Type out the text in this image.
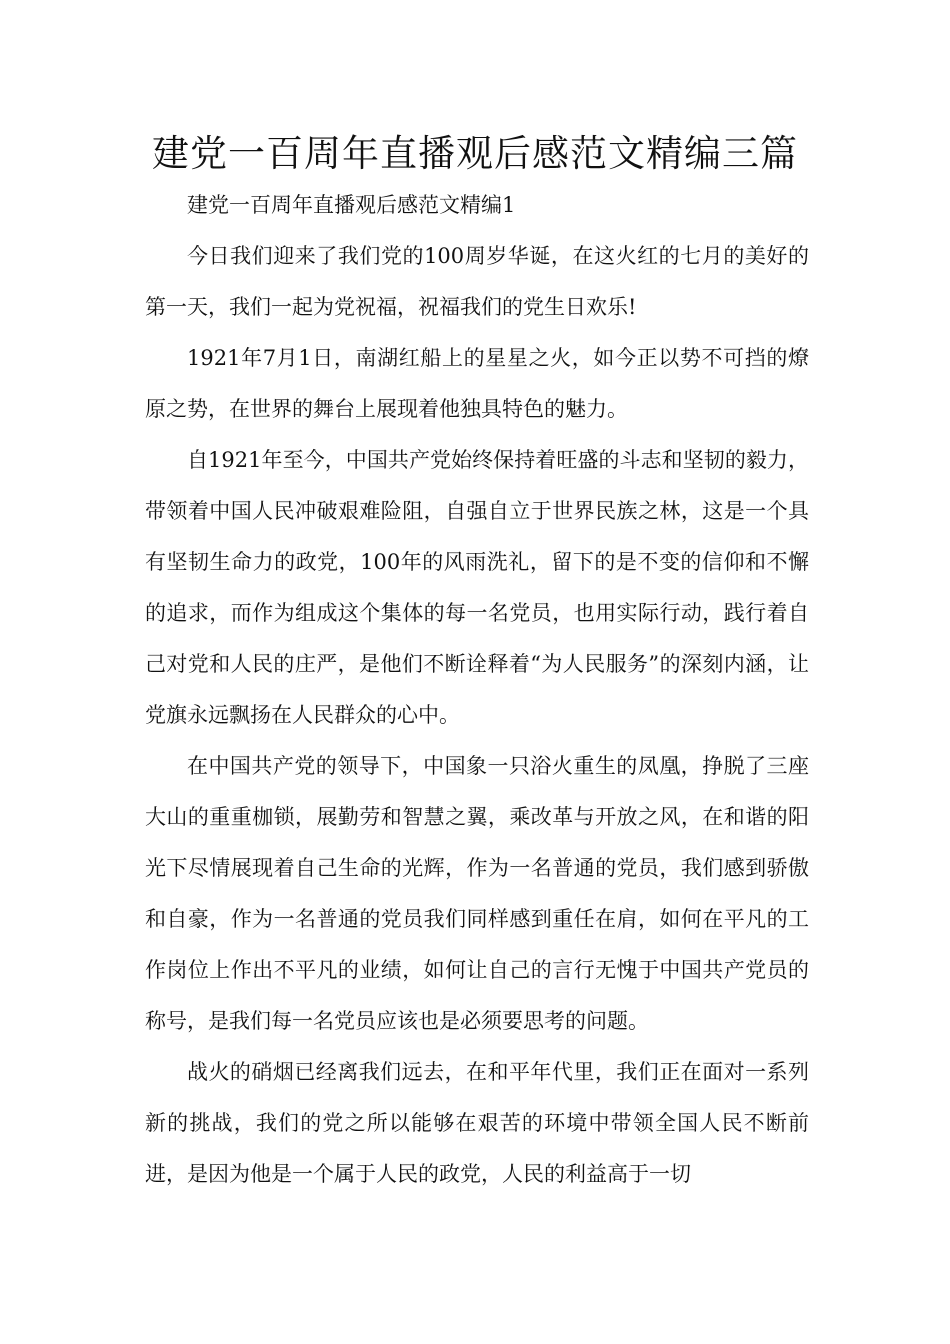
建党一百周年直播观后感范文精编三篇

建党一百周年直播观后感范文精编1

今日我们迎来了我们党的100周岁华诞，在这火红的七月的美好的第一天，我们一起为党祝福，祝福我们的党生日欢乐!

1921年7月1日，南湖红船上的星星之火，如今正以势不可挡的燎原之势，在世界的舞台上展现着他独具特色的魅力。

自1921年至今，中国共产党始终保持着旺盛的斗志和坚韧的毅力，带领着中国人民冲破艰难险阻，自强自立于世界民族之林，这是一个具有坚韧生命力的政党，100年的风雨洗礼，留下的是不变的信仰和不懈的追求，而作为组成这个集体的每一名党员，也用实际行动，践行着自己对党和人民的庄严，是他们不断诠释着“为人民服务”的深刻内涵，让党旗永远飘扬在人民群众的心中。

在中国共产党的领导下，中国象一只浴火重生的凤凰，挣脱了三座大山的重重枷锁，展勤劳和智慧之翼，乘改革与开放之风，在和谐的阳光下尽情展现着自己生命的光辉，作为一名普通的党员，我们感到骄傲和自豪，作为一名普通的党员我们同样感到重任在肩，如何在平凡的工作岗位上作出不平凡的业绩，如何让自己的言行无愧于中国共产党员的称号，是我们每一名党员应该也是必须要思考的问题。

战火的硝烟已经离我们远去，在和平年代里，我们正在面对一系列新的挑战，我们的党之所以能够在艰苦的环境中带领全国人民不断前进，是因为他是一个属于人民的政党，人民的利益高于一切
